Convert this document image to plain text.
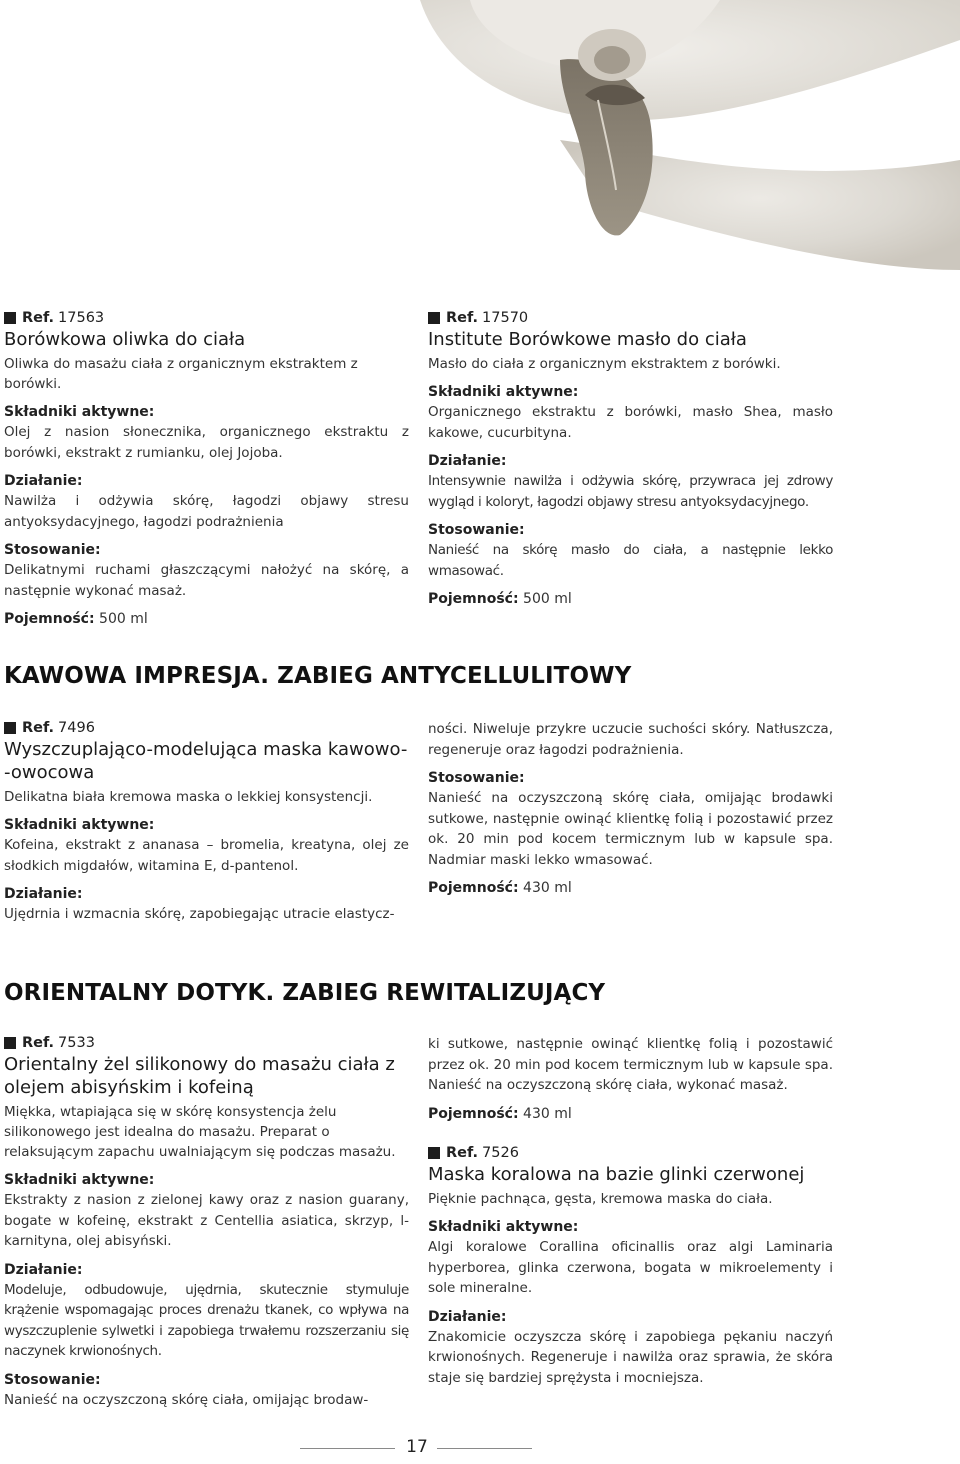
Ref. 17563
Borówkowa oliwka do ciała
Oliwka do masażu ciała z organicznym ekstraktem z borówki.
Składniki aktywne:
Olej z nasion słonecznika, organicznego ekstraktu z borówki, ekstrakt z rumianku, olej Jojoba.
Działanie:
Nawilża i odżywia skórę, łagodzi objawy stresu antyoksydacyjnego, łagodzi podrażnienia
Stosowanie:
Delikatnymi ruchami głaszczącymi nałożyć na skórę, a następnie wykonać masaż.
Pojemność: 500 ml
Ref. 17570
Institute Borówkowe masło do ciała
Masło do ciała z organicznym ekstraktem z borówki.
Składniki aktywne:
Organicznego ekstraktu z borówki, masło Shea, masło kakowe, cucurbityna.
Działanie:
Intensywnie nawilża i odżywia skórę, przywraca jej zdrowy wygląd i koloryt, łagodzi objawy stresu antyoksydacyjnego.
Stosowanie:
Nanieść na skórę masło do ciała, a następnie lekko wmasować.
Pojemność: 500 ml
KAWOWA IMPRESJA. ZABIEG ANTYCELLULITOWY
Ref. 7496
Wyszczuplająco-modelująca maska kawowo--owocowa
Delikatna biała kremowa maska o lekkiej konsystencji.
Składniki aktywne:
Kofeina, ekstrakt z ananasa – bromelia, kreatyna, olej ze słodkich migdałów, witamina E, d-pantenol.
Działanie:
Ujędrnia i wzmacnia skórę, zapobiegając utracie elastycz-
ności. Niweluje przykre uczucie suchości skóry. Natłuszcza, regeneruje oraz łagodzi podrażnienia.
Stosowanie:
Nanieść na oczyszczoną skórę ciała, omijając brodawki sutkowe, następnie owinąć klientkę folią i pozostawić przez ok. 20 min pod kocem termicznym lub w kapsule spa. Nadmiar maski lekko wmasować.
Pojemność: 430 ml
ORIENTALNY DOTYK. ZABIEG REWITALIZUJĄCY
Ref. 7533
Orientalny żel silikonowy do masażu ciała z olejem abisyńskim i kofeiną
Miękka, wtapiająca się w skórę konsystencja żelu silikonowego jest idealna do masażu. Preparat o relaksującym zapachu uwalniającym się podczas masażu.
Składniki aktywne:
Ekstrakty z nasion z zielonej kawy oraz z nasion guarany, bogate w kofeinę, ekstrakt z Centellia asiatica, skrzyp, l-karnityna, olej abisyński.
Działanie:
Modeluje, odbudowuje, ujędrnia, skutecznie stymuluje krążenie wspomagając proces drenażu tkanek, co wpływa na wyszczuplenie sylwetki i zapobiega trwałemu rozszerzaniu się naczynek krwionośnych.
Stosowanie:
Nanieść na oczyszczoną skórę ciała, omijając brodaw-
ki sutkowe, następnie owinąć klientkę folią i pozostawić przez ok. 20 min pod kocem termicznym lub w kapsule spa. Nanieść na oczyszczoną skórę ciała, wykonać masaż.
Pojemność: 430 ml
Ref. 7526
Maska koralowa na bazie glinki czerwonej
Pięknie pachnąca, gęsta, kremowa maska do ciała.
Składniki aktywne:
Algi koralowe Corallina oficinallis oraz algi Laminaria hyperborea, glinka czerwona, bogata w mikroelementy i sole mineralne.
Działanie:
Znakomicie oczyszcza skórę i zapobiega pękaniu naczyń krwionośnych. Regeneruje i nawilża oraz sprawia, że skóra staje się bardziej sprężysta i mocniejsza.
17
